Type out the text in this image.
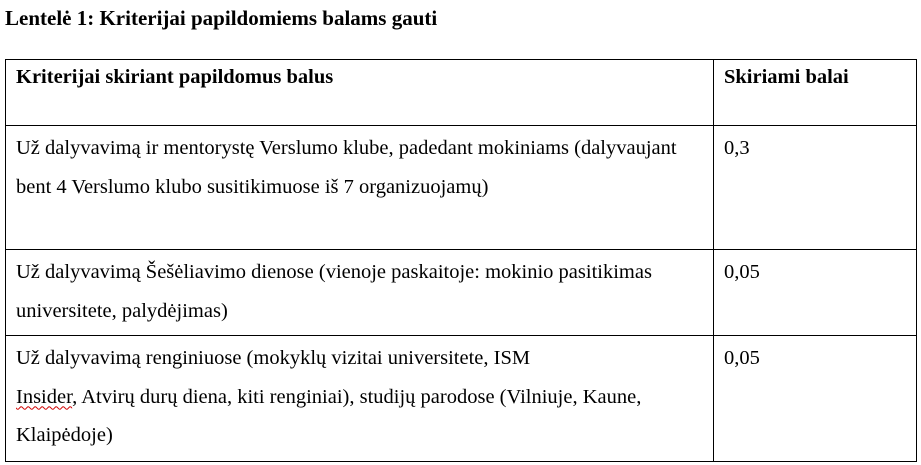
Lentelė 1: Kriterijai papildomiems balams gauti
Kriterijai skiriant papildomus balus	Skiriami balai
Už dalyvavimą ir mentorystę Verslumo klube, padedant mokiniams (dalyvaujant bent 4 Verslumo klubo susitikimuose iš 7 organizuojamų)	0,3
Už dalyvavimą Šešėliavimo dienose (vienoje paskaitoje: mokinio pasitikimas universitete, palydėjimas)	0,05
Už dalyvavimą renginiuose (mokyklų vizitai universitete, ISM
Insider, Atvirų durų diena, kiti renginiai), studijų parodose (Vilniuje, Kaune, Klaipėdoje)	0,05
